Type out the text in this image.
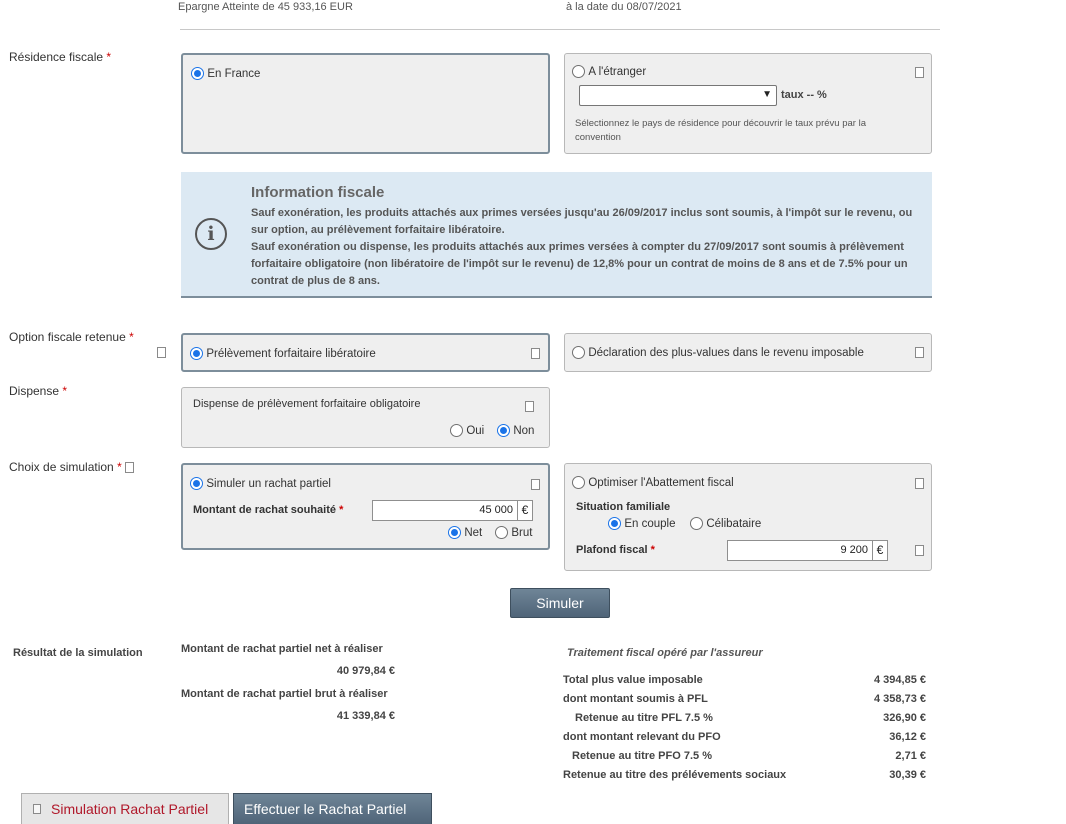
Epargne Atteinte de 45 933,16 EUR	à la date du 08/07/2021
Résidence fiscale *
En France	A l'étranger
▼ taux -- %
Sélectionnez le pays de résidence pour découvrir le taux prévu par la convention
i
Information fiscale
Sauf exonération, les produits attachés aux primes versées jusqu'au 26/09/2017 inclus sont soumis, à l'impôt sur le revenu, ou sur option, au prélèvement forfaitaire libératoire.
Sauf exonération ou dispense, les produits attachés aux primes versées à compter du 27/09/2017 sont soumis à prélèvement forfaitaire obligatoire (non libératoire de l'impôt sur le revenu) de 12,8% pour un contrat de moins de 8 ans et de 7.5% pour un contrat de plus de 8 ans.
Option fiscale retenue *
Prélèvement forfaitaire libératoire	Déclaration des plus-values dans le revenu imposable
Dispense *
Dispense de prélèvement forfaitaire obligatoire
Oui	Non
Choix de simulation *
Simuler un rachat partiel
Montant de rachat souhaité *	45 000 €
Net	Brut
Optimiser l'Abattement fiscal
Situation familiale
En couple	Célibataire
Plafond fiscal *	9 200 €
Simuler
Résultat de la simulation	Montant de rachat partiel net à réaliser
40 979,84 €
Montant de rachat partiel brut à réaliser
41 339,84 €
Traitement fiscal opéré par l'assureur
Total plus value imposable	4 394,85 €
dont montant soumis à PFL	4 358,73 €
Retenue au titre PFL 7.5 %	326,90 €
dont montant relevant du PFO	36,12 €
Retenue au titre PFO 7.5 %	2,71 €
Retenue au titre des prélévements sociaux	30,39 €
Simulation Rachat Partiel	Effectuer le Rachat Partiel
